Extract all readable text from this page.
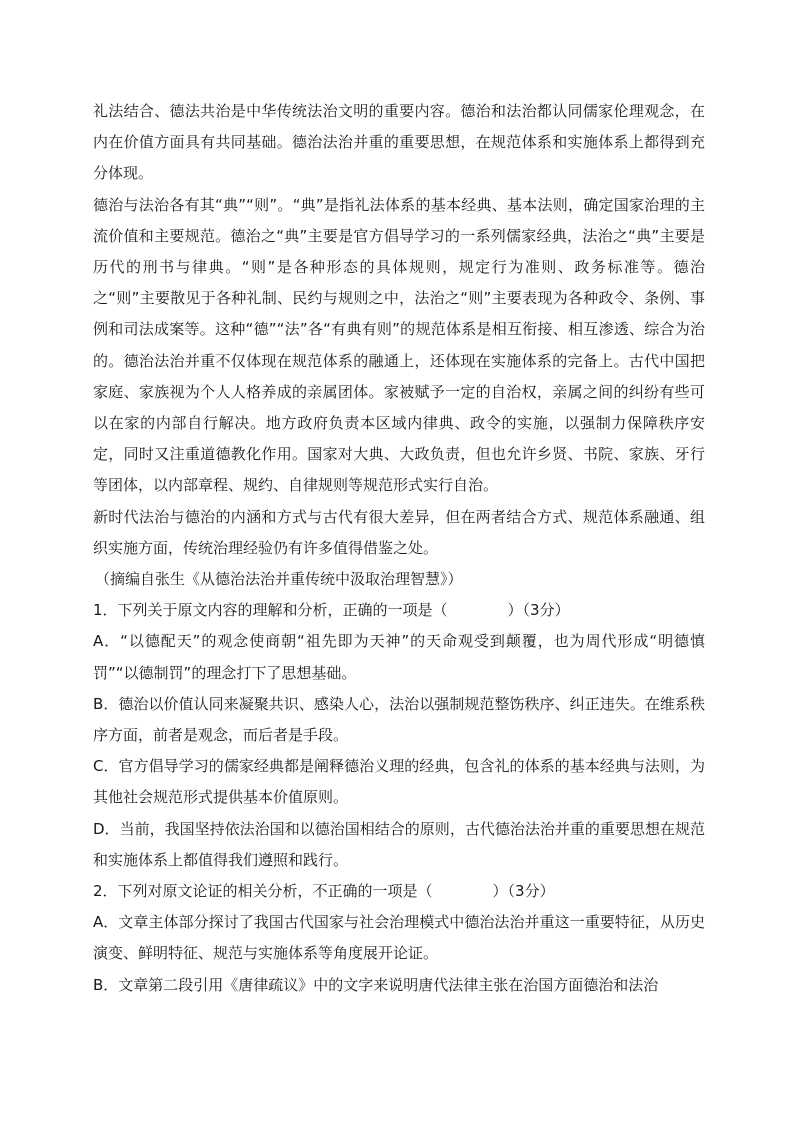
礼法结合、德法共治是中华传统法治文明的重要内容。德治和法治都认同儒家伦理观念，在内在价值方面具有共同基础。德治法治并重的重要思想，在规范体系和实施体系上都得到充分体现。

德治与法治各有其“典”“则”。“典”是指礼法体系的基本经典、基本法则，确定国家治理的主流价值和主要规范。德治之“典”主要是官方倡导学习的一系列儒家经典，法治之“典”主要是历代的刑书与律典。“则”是各种形态的具体规则，规定行为准则、政务标准等。德治之“则”主要散见于各种礼制、民约与规则之中，法治之“则”主要表现为各种政令、条例、事例和司法成案等。这种“德”“法”各“有典有则”的规范体系是相互衔接、相互渗透、综合为治的。德治法治并重不仅体现在规范体系的融通上，还体现在实施体系的完备上。古代中国把家庭、家族视为个人人格养成的亲属团体。家被赋予一定的自治权，亲属之间的纠纷有些可以在家的内部自行解决。地方政府负责本区域内律典、政令的实施，以强制力保障秩序安定，同时又注重道德教化作用。国家对大典、大政负责，但也允许乡贤、书院、家族、牙行等团体，以内部章程、规约、自律规则等规范形式实行自治。

新时代法治与德治的内涵和方式与古代有很大差异，但在两者结合方式、规范体系融通、组织实施方面，传统治理经验仍有许多值得借鉴之处。

（摘编自张生《从德治法治并重传统中汲取治理智慧》）

1．下列关于原文内容的理解和分析，正确的一项是（　　　　）（3分）

A．“以德配天”的观念使商朝“祖先即为天神”的天命观受到颠覆，也为周代形成“明德慎罚”“以德制罚”的理念打下了思想基础。

B．德治以价值认同来凝聚共识、感染人心，法治以强制规范整饬秩序、纠正违失。在维系秩序方面，前者是观念，而后者是手段。

C．官方倡导学习的儒家经典都是阐释德治义理的经典，包含礼的体系的基本经典与法则，为其他社会规范形式提供基本价值原则。

D．当前，我国坚持依法治国和以德治国相结合的原则，古代德治法治并重的重要思想在规范和实施体系上都值得我们遵照和践行。

2．下列对原文论证的相关分析，不正确的一项是（　　　　）（3分）

A．文章主体部分探讨了我国古代国家与社会治理模式中德治法治并重这一重要特征，从历史演变、鲜明特征、规范与实施体系等角度展开论证。

B．文章第二段引用《唐律疏议》中的文字来说明唐代法律主张在治国方面德治和法治
